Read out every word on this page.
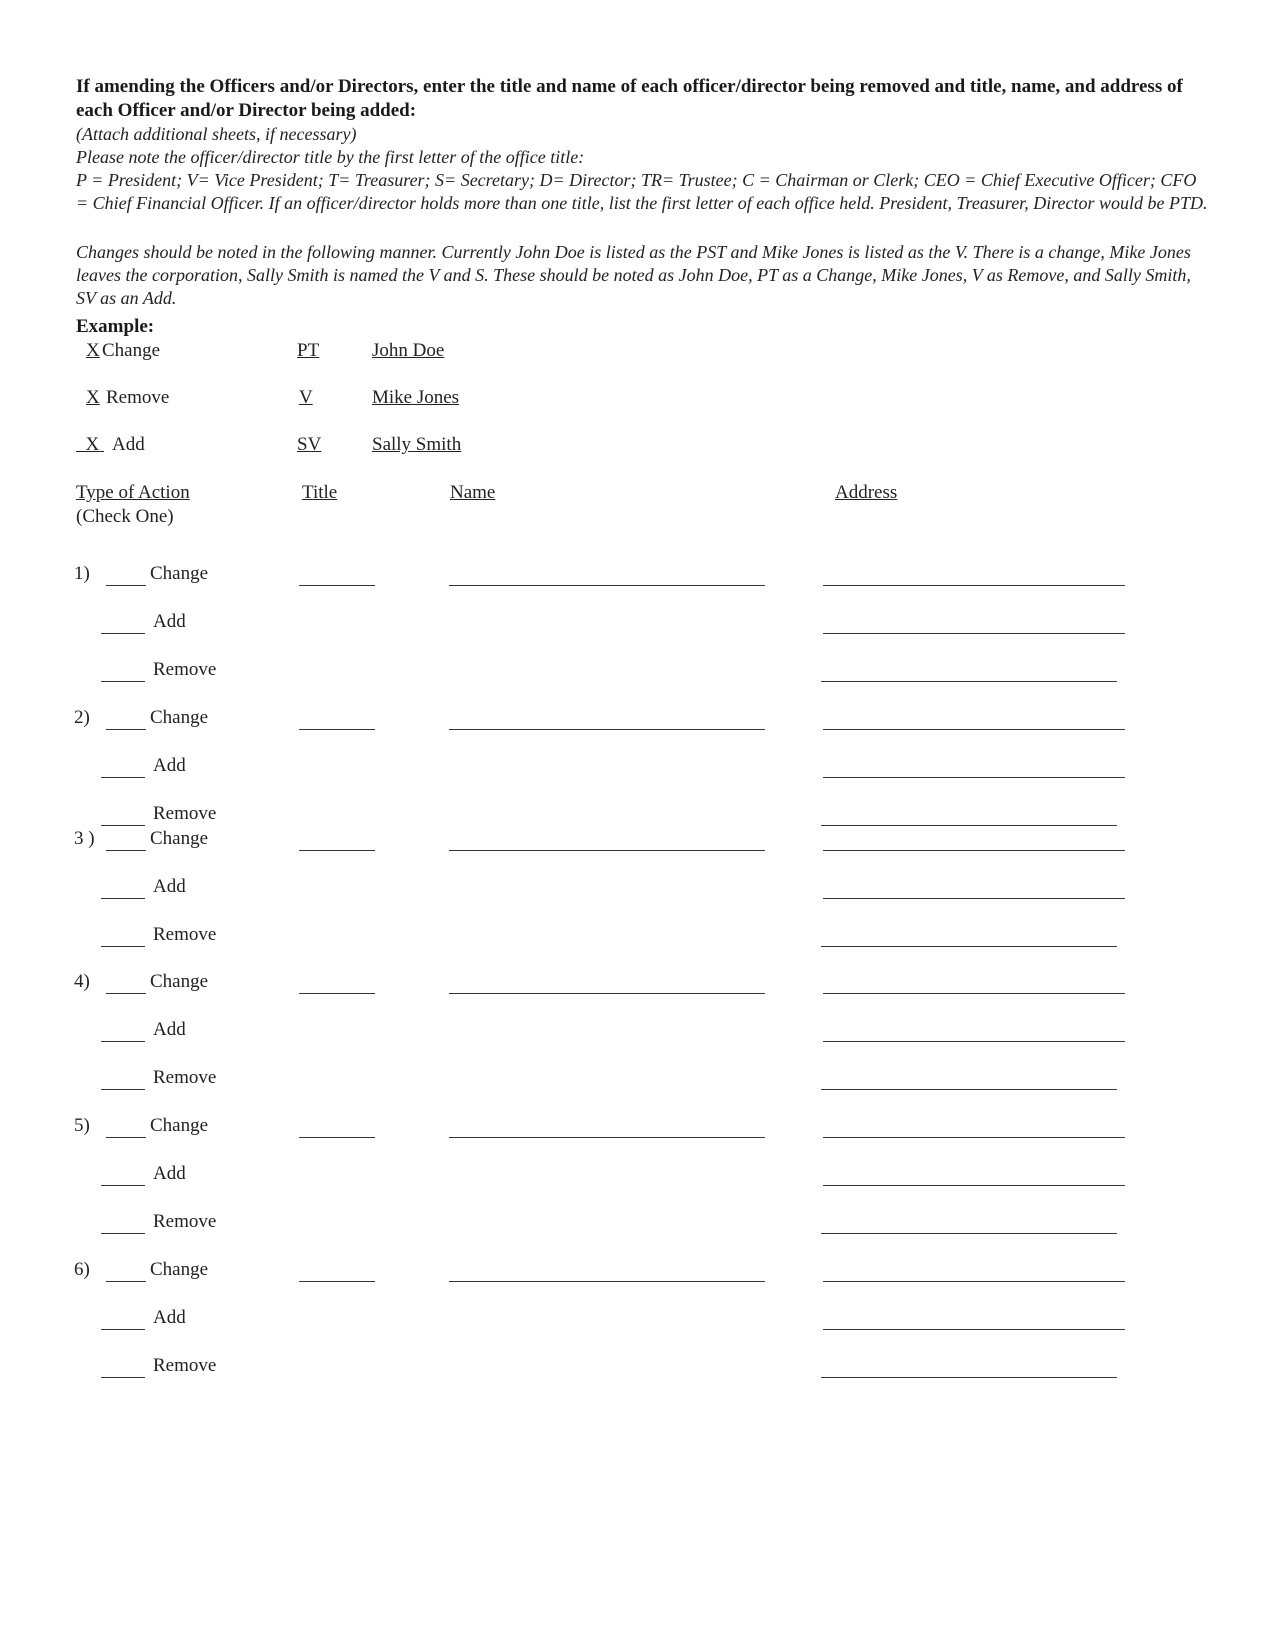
If amending the Officers and/or Directors, enter the title and name of each officer/director being removed and title, name, and address of each Officer and/or Director being added:
(Attach additional sheets, if necessary)
Please note the officer/director title by the first letter of the office title:
P = President; V= Vice President; T= Treasurer; S= Secretary; D= Director; TR= Trustee; C = Chairman or Clerk; CEO = Chief Executive Officer; CFO = Chief Financial Officer. If an officer/director holds more than one title, list the first letter of each office held. President, Treasurer, Director would be PTD.
Changes should be noted in the following manner. Currently John Doe is listed as the PST and Mike Jones is listed as the V. There is a change, Mike Jones leaves the corporation, Sally Smith is named the V and S. These should be noted as John Doe, PT as a Change, Mike Jones, V as Remove, and Sally Smith, SV as an Add.
Example:
X Change	PT	John Doe
X Remove	V	Mike Jones
X Add	SV	Sally Smith
Type of Action
(Check One)
Title	Name	Address
1)	Change
Add
Remove
2)	Change
Add
Remove
3 )	Change
Add
Remove
4)	Change
Add
Remove
5)	Change
Add
Remove
6)	Change
Add
Remove
